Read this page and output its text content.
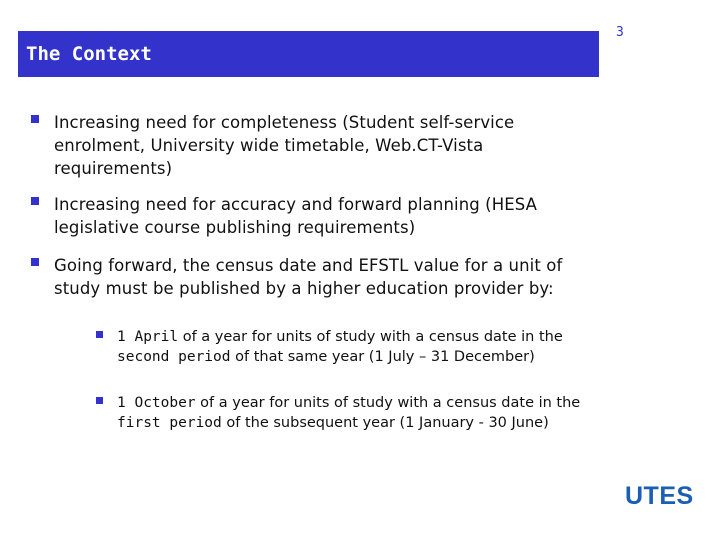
The Context
3
Increasing need for completeness (Student self-service enrolment, University wide timetable, Web.CT-Vista requirements)
Increasing need for accuracy and forward planning (HESA legislative course publishing requirements)
Going forward, the census date and EFSTL value for a unit of study must be published by a higher education provider by:
1 April of a year for units of study with a census date in the second period of that same year (1 July – 31 December)
1 October of a year for units of study with a census date in the first period of the subsequent year (1 January - 30 June)
UTES
